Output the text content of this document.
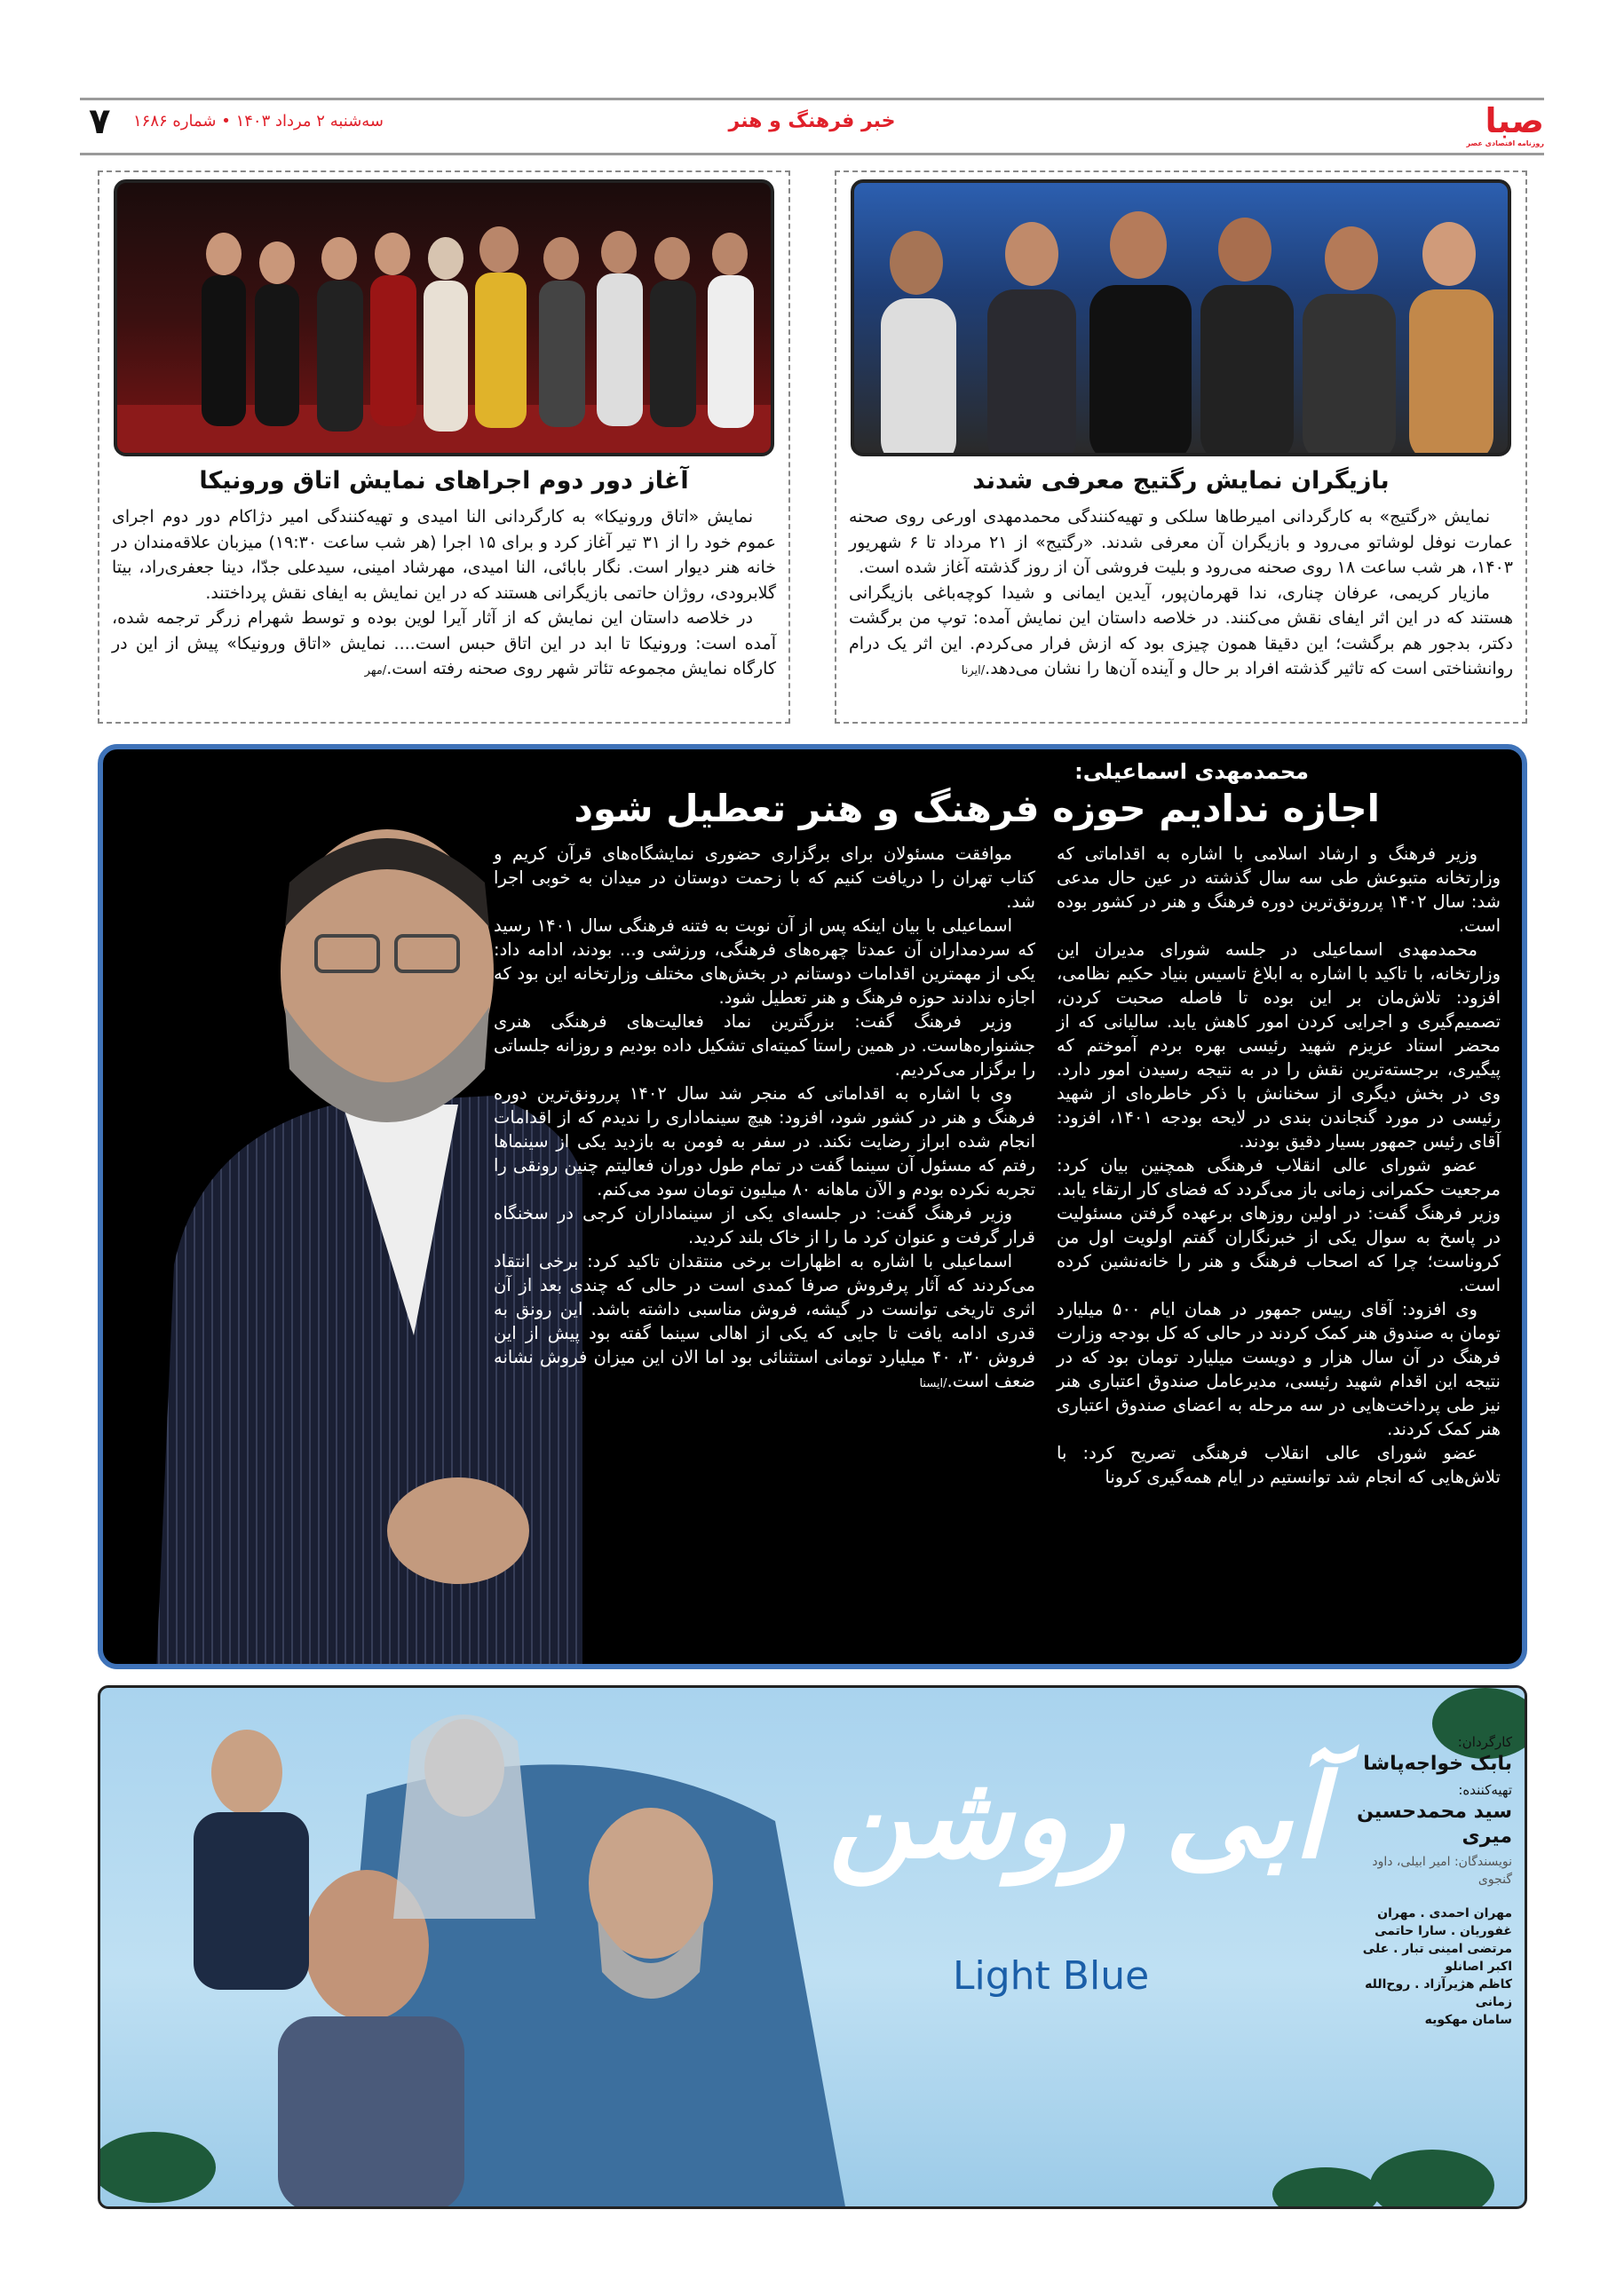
صبا
روزنامه اقتصادی عصر
خبر فرهنگ و هنر
سه‌شنبه ۲ مرداد ۱۴۰۳ • شماره ۱۶۸۶
۷
بازیگران نمایش رگتیج معرفی شدند

نمایش «رگتیج» به کارگردانی امیرطاها سلکی و تهیه‌کنندگی محمدمهدی اورعی روی صحنه عمارت نوفل لوشاتو می‌رود و بازیگران آن معرفی شدند. «رگتیج» از ۲۱ مرداد تا ۶ شهریور ۱۴۰۳، هر شب ساعت ۱۸ روی صحنه می‌رود و بلیت فروشی آن از روز گذشته آغاز شده است.

مازیار کریمی، عرفان چناری، ندا قهرمان‌پور، آیدین ایمانی و شیدا کوچه‌باغی بازیگرانی هستند که در این اثر ایفای نقش می‌کنند. در خلاصه داستان این نمایش آمده: توپ من برگشت دکتر، بدجور هم برگشت؛ این دقیقا همون چیزی بود که ازش فرار می‌کردم. این اثر یک درام روانشناختی است که تاثیر گذشته افراد بر حال و آینده آن‌ها را نشان می‌دهد./ایرنا

آغاز دور دوم اجراهای نمایش اتاق ورونیکا

نمایش «اتاق ورونیکا» به کارگردانی النا امیدی و تهیه‌کنندگی امیر دژاکام دور دوم اجرای عموم خود را از ۳۱ تیر آغاز کرد و برای ۱۵ اجرا (هر شب ساعت ۱۹:۳۰) میزبان علاقه‌مندان در خانه هنر دیوار است. نگار بابائی، النا امیدی، مهرشاد امینی، سیدعلی جدّا، دینا جعفری‌راد، بیتا گلابرودی، روژان حاتمی بازیگرانی هستند که در این نمایش به ایفای نقش پرداختند.

در خلاصه داستان این نمایش که از آثار آیرا لوین بوده و توسط شهرام زرگر ترجمه شده، آمده است: ورونیکا تا ابد در این اتاق حبس است.... نمایش «اتاق ورونیکا» پیش از این در کارگاه نمایش مجموعه تئاتر شهر روی صحنه رفته است./مهر

محمدمهدی اسماعیلی:
اجازه ندادیم حوزه فرهنگ و هنر تعطیل شود

وزیر فرهنگ و ارشاد اسلامی با اشاره به اقداماتی که وزارتخانه متبوعش طی سه سال گذشته در عین حال مدعی شد: سال ۱۴۰۲ پررونق‌ترین دوره فرهنگ و هنر در کشور بوده است.

محمدمهدی اسماعیلی در جلسه شورای مدیران این وزارتخانه، با تاکید با اشاره به ابلاغ تاسیس بنیاد حکیم نظامی، افزود: تلاش‌مان بر این بوده تا فاصله صحبت کردن، تصمیم‌گیری و اجرایی کردن امور کاهش یابد. سالیانی که از محضر استاد عزیزم شهید رئیسی بهره بردم آموختم که پیگیری، برجسته‌ترین نقش را در به نتیجه رسیدن امور دارد. وی در بخش دیگری از سخنانش با ذکر خاطره‌ای از شهید رئیسی در مورد گنجاندن بندی در لایحه بودجه ۱۴۰۱، افزود: آقای رئیس جمهور بسیار دقیق بودند.

عضو شورای عالی انقلاب فرهنگی همچنین بیان کرد: مرجعیت حکمرانی زمانی باز می‌گردد که فضای کار ارتقاء یابد. وزیر فرهنگ گفت: در اولین روزهای برعهده گرفتن مسئولیت در پاسخ به سوال یکی از خبرنگاران گفتم اولویت اول من کروناست؛ چرا که اصحاب فرهنگ و هنر را خانه‌نشین کرده است.

وی افزود: آقای رییس جمهور در همان ایام ۵۰۰ میلیارد تومان به صندوق هنر کمک کردند در حالی که کل بودجه وزارت فرهنگ در آن سال هزار و دویست میلیارد تومان بود که در نتیجه این اقدام شهید رئیسی، مدیرعامل صندوق اعتباری هنر نیز طی پرداخت‌هایی در سه مرحله به اعضای صندوق اعتباری هنر کمک کردند.

عضو شورای عالی انقلاب فرهنگی تصریح کرد: با تلاش‌هایی که انجام شد توانستیم در ایام همه‌گیری کرونا

موافقت مسئولان برای برگزاری حضوری نمایشگاه‌های قرآن کریم و کتاب تهران را دریافت کنیم که با زحمت دوستان در میدان به خوبی اجرا شد.

اسماعیلی با بیان اینکه پس از آن نوبت به فتنه فرهنگی سال ۱۴۰۱ رسید که سردمداران آن عمدتا چهره‌های فرهنگی، ورزشی و... بودند، ادامه داد: یکی از مهمترین اقدامات دوستانم در بخش‌های مختلف وزارتخانه این بود که اجازه ندادند حوزه فرهنگ و هنر تعطیل شود.

وزیر فرهنگ گفت: بزرگترین نماد فعالیت‌های فرهنگی هنری جشنواره‌هاست. در همین راستا کمیته‌ای تشکیل داده بودیم و روزانه جلساتی را برگزار می‌کردیم.

وی با اشاره به اقداماتی که منجر شد سال ۱۴۰۲ پررونق‌ترین دوره فرهنگ و هنر در کشور شود، افزود: هیچ سینماداری را ندیدم که از اقدامات انجام شده ابراز رضایت نکند. در سفر به فومن به بازدید یکی از سینماها رفتم که مسئول آن سینما گفت در تمام طول دوران فعالیتم چنین رونقی را تجربه نکرده بودم و الآن ماهانه ۸۰ میلیون تومان سود می‌کنم.

وزیر فرهنگ گفت: در جلسه‌ای یکی از سینماداران کرجی در سخنگاه قرار گرفت و عنوان کرد ما را از خاک بلند کردید.

اسماعیلی با اشاره به اظهارات برخی منتقدان تاکید کرد: برخی انتقاد می‌کردند که آثار پرفروش صرفا کمدی است در حالی که چندی بعد از آن اثری تاریخی توانست در گیشه، فروش مناسبی داشته باشد. این رونق به قدری ادامه یافت تا جایی که یکی از اهالی سینما گفته بود پیش از این فروش ۳۰، ۴۰ میلیارد تومانی استثنائی بود اما الان این میزان فروش نشانه ضعف است./ایسنا

آبی روشن
Light Blue
کارگردان:
بابک خواجه‌پاشا
تهیه‌کننده:
سید محمدحسین میری
نویسندگان: امیر ابیلی، داود گنجوی
مهران احمدی . مهران غفوریان . سارا حاتمی
مرتضی امینی تبار . علی اکبر اصانلو
کاظم هژیرآزاد . روح‌الله زمانی
سامان مهکویه
